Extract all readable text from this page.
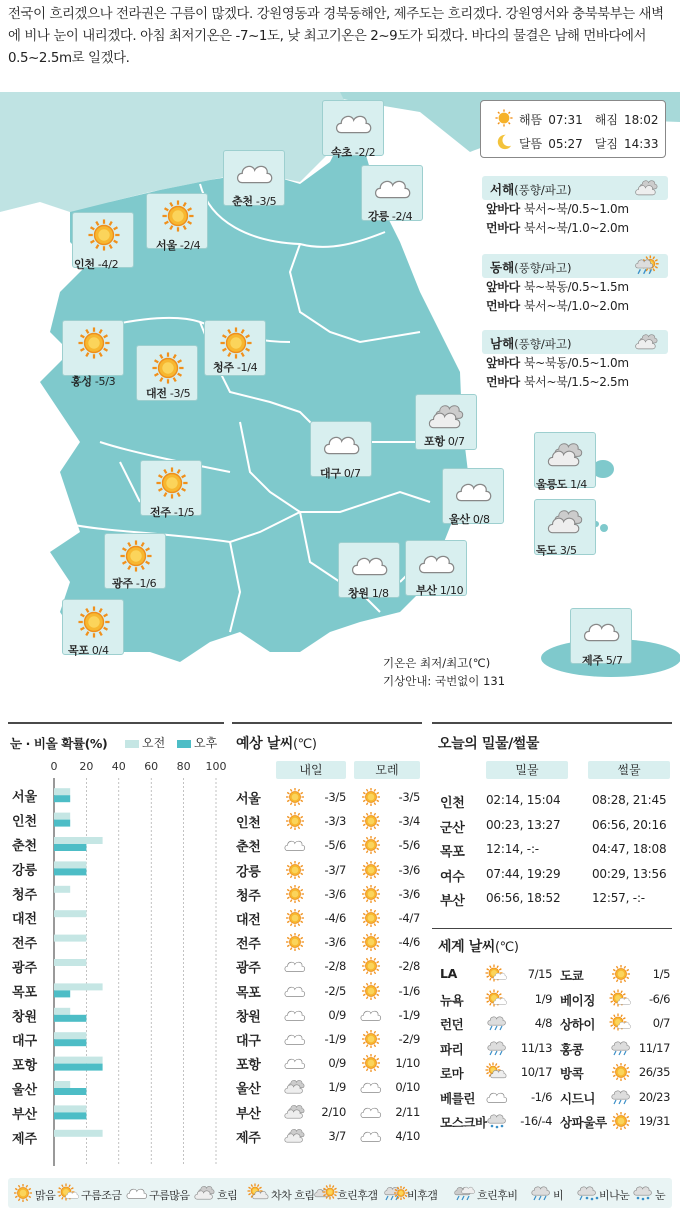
전국이 흐리겠으나 전라권은 구름이 많겠다. 강원영동과 경북동해안, 제주도는 흐리겠다. 강원영서와 충북북부는 새벽에 비나 눈이 내리겠다. 아침 최저기온은 -7~1도, 낮 최고기온은 2~9도가 되겠다. 바다의 물결은 남해 먼바다에서 0.5~2.5m로 일겠다.
속초 -2/2
춘천 -3/5
강릉 -2/4
서울 -2/4
인천 -4/2
청주 -1/4
홍성 -5/3
대전 -3/5
포항 0/7
대구 0/7
울릉도 1/4
전주 -1/5
울산 0/8
독도 3/5
광주 -1/6
창원 1/8 부산 1/10
목포 0/4
제주 5/7
해뜸 07:31 해짐 18:02
달뜸 05:27 달짐 14:33
서해(풍향/파고)
앞바다 북서~북/0.5~1.0m
먼바다 북서~북/1.0~2.0m
동해(풍향/파고)
앞바다 북~북동/0.5~1.5m
먼바다 북서~북/1.0~2.0m
남해(풍향/파고)
앞바다 북~북동/0.5~1.0m
먼바다 북서~북/1.5~2.5m
기온은 최저/최고(℃)
기상안내: 국번없이 131
눈 · 비올 확률(%)	오전 오후
0 20 40 60 80 100
서울
인천
춘천
강릉
청주
대전
전주
광주
목포
창원
대구
포항
울산
부산
제주
예상 날씨(℃)
내일	모레
서울	-3/5	-3/5
인천	-3/3	-3/4
춘천	-5/6	-5/6
강릉	-3/7	-3/6
청주	-3/6	-3/6
대전	-4/6	-4/7
전주	-3/6	-4/6
광주	-2/8	-2/8
목포	-2/5	-1/6
창원	0/9	-1/9
대구	-1/9	-2/9
포항	0/9	1/10
울산	1/9	0/10
부산	2/10	2/11
제주	3/7	4/10
오늘의 밀물/썰물
밀물	썰물
인천 02:14, 15:04	08:28, 21:45
군산 00:23, 13:27	06:56, 20:16
목포 12:14, -:-	04:47, 18:08
여수 07:44, 19:29	00:29, 13:56
부산 06:56, 18:52	12:57, -:-
세계 날씨(℃)
LA	7/15 도쿄	1/5
뉴욕	1/9 베이징	-6/6
런던	4/8 상하이	0/7
파리	11/13 홍콩	11/17
로마	10/17 방콕	26/35
베를린	-1/6 시드니	20/23
모스크바	-16/-4 상파울루	19/31
맑음 구름조금 구름많음 흐림	차차 흐림 흐린후갬	비후갬	흐린후비	비	비나눈 눈
